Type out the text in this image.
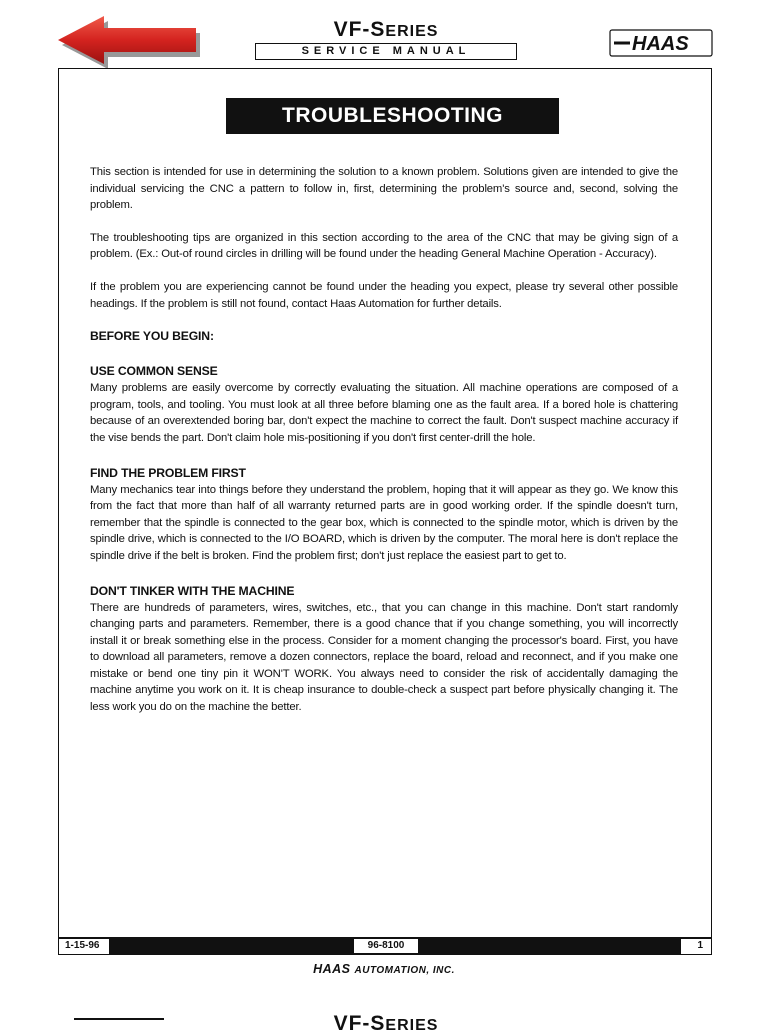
VF-SERIES
SERVICE MANUAL	HAAS
TROUBLESHOOTING

This section is intended for use in determining the solution to a known problem. Solutions given are intended to give the individual servicing the CNC a pattern to follow in, first, determining the problem's source and, second, solving the problem.

The troubleshooting tips are organized in this section according to the area of the CNC that may be giving sign of a problem. (Ex.: Out-of round circles in drilling will be found under the heading General Machine Operation - Accuracy).

If the problem you are experiencing cannot be found under the heading you expect, please try several other possible headings. If the problem is still not found, contact Haas Automation for further details.

BEFORE YOU BEGIN:
USE COMMON SENSE

Many problems are easily overcome by correctly evaluating the situation. All machine operations are composed of a program, tools, and tooling. You must look at all three before blaming one as the fault area. If a bored hole is chattering because of an overextended boring bar, don't expect the machine to correct the fault. Don't suspect machine accuracy if the vise bends the part. Don't claim hole mis-positioning if you don't first center-drill the hole.

FIND THE PROBLEM FIRST

Many mechanics tear into things before they understand the problem, hoping that it will appear as they go. We know this from the fact that more than half of all warranty returned parts are in good working order. If the spindle doesn't turn, remember that the spindle is connected to the gear box, which is connected to the spindle motor, which is driven by the spindle drive, which is connected to the I/O BOARD, which is driven by the computer. The moral here is don't replace the spindle drive if the belt is broken. Find the problem first; don't just replace the easiest part to get to.

DON'T TINKER WITH THE MACHINE

There are hundreds of parameters, wires, switches, etc., that you can change in this machine. Don't start randomly changing parts and parameters. Remember, there is a good chance that if you change something, you will incorrectly install it or break something else in the process. Consider for a moment changing the processor's board. First, you have to download all parameters, remove a dozen connectors, replace the board, reload and reconnect, and if you make one mistake or bend one tiny pin it WON'T WORK. You always need to consider the risk of accidentally damaging the machine anytime you work on it. It is cheap insurance to double-check a suspect part before physically changing it. The less work you do on the machine the better.

1-15-96	96-8100	1
HAAS AUTOMATION, INC.
VF-SERIES
